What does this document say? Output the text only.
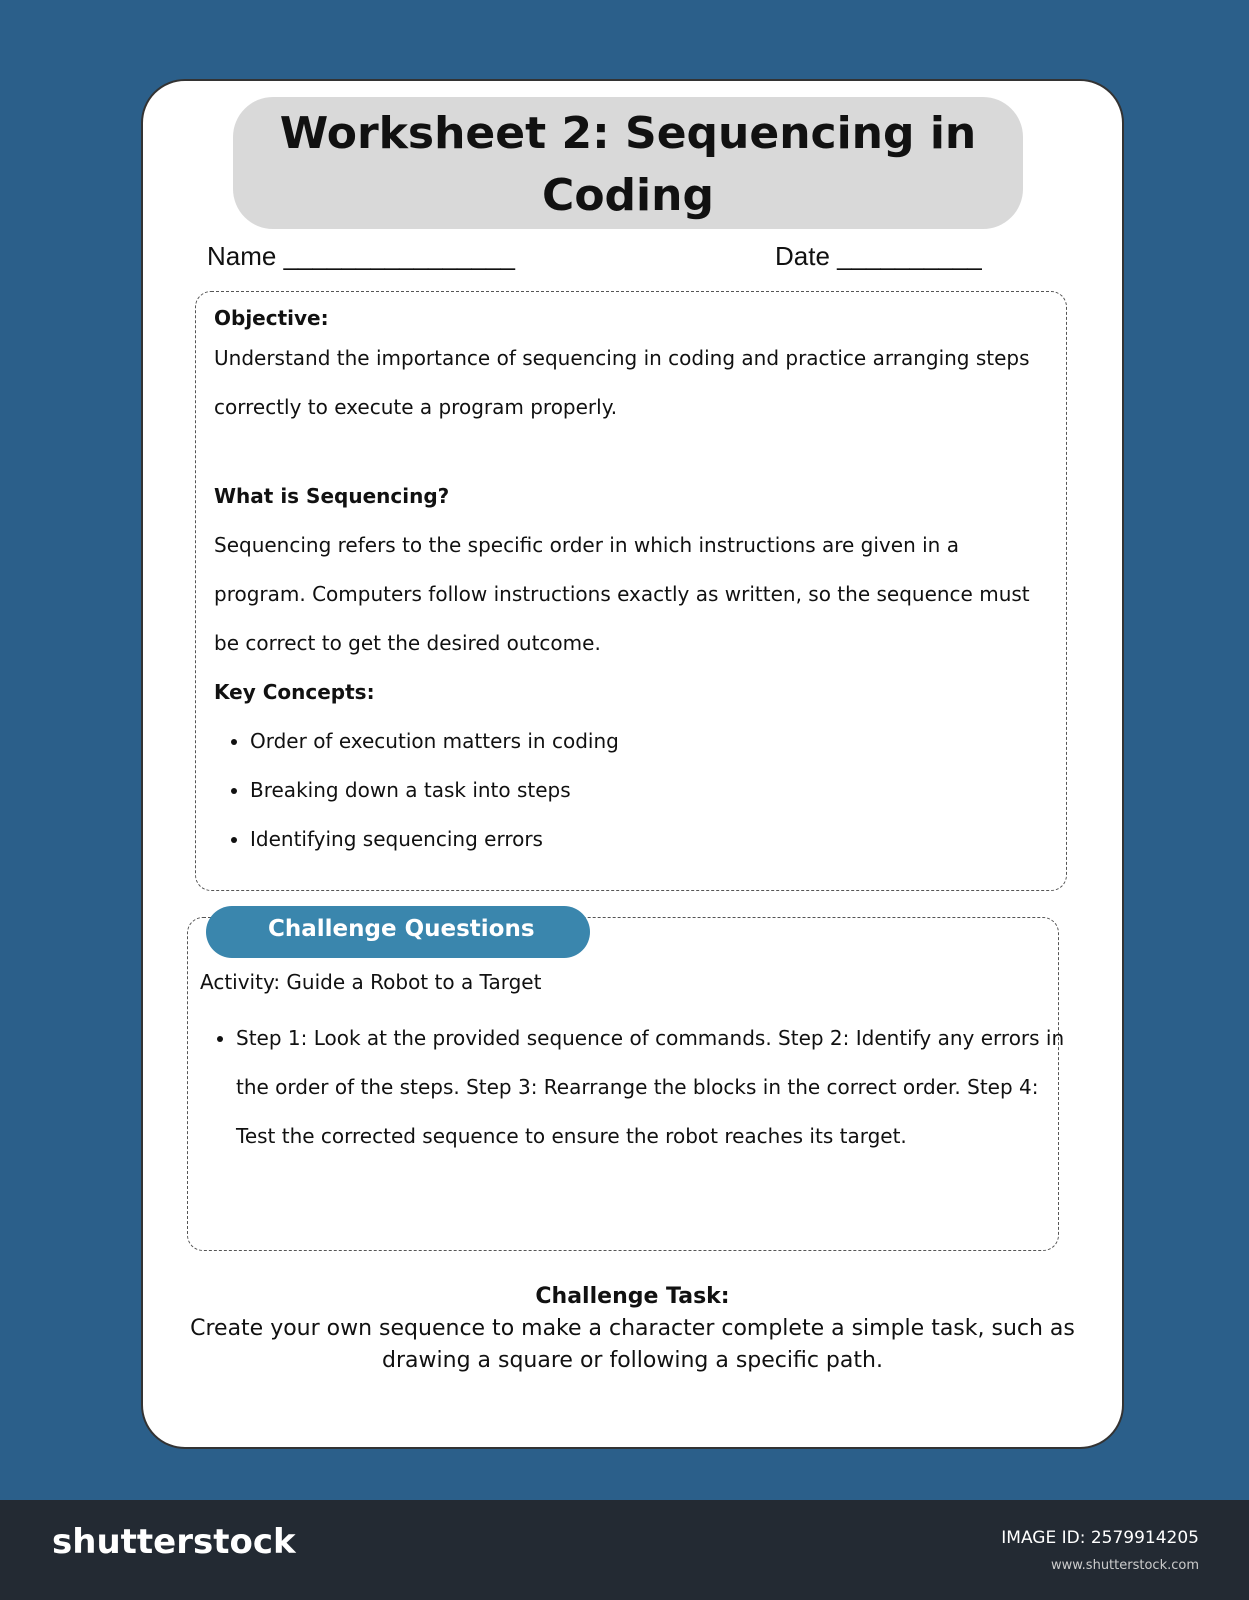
Worksheet 2: Sequencing in Coding
Name ________________	Date __________
Objective:
Understand the importance of sequencing in coding and practice arranging steps correctly to execute a program properly.
What is Sequencing?
Sequencing refers to the specific order in which instructions are given in a program. Computers follow instructions exactly as written, so the sequence must be correct to get the desired outcome.
Key Concepts:
• Order of execution matters in coding
• Breaking down a task into steps
• Identifying sequencing errors
Challenge Questions
Activity: Guide a Robot to a Target
• Step 1: Look at the provided sequence of commands. Step 2: Identify any errors in the order of the steps. Step 3: Rearrange the blocks in the correct order. Step 4: Test the corrected sequence to ensure the robot reaches its target.
Challenge Task:
Create your own sequence to make a character complete a simple task, such as drawing a square or following a specific path.
shutterstock	IMAGE ID: 2579914205
www.shutterstock.com
